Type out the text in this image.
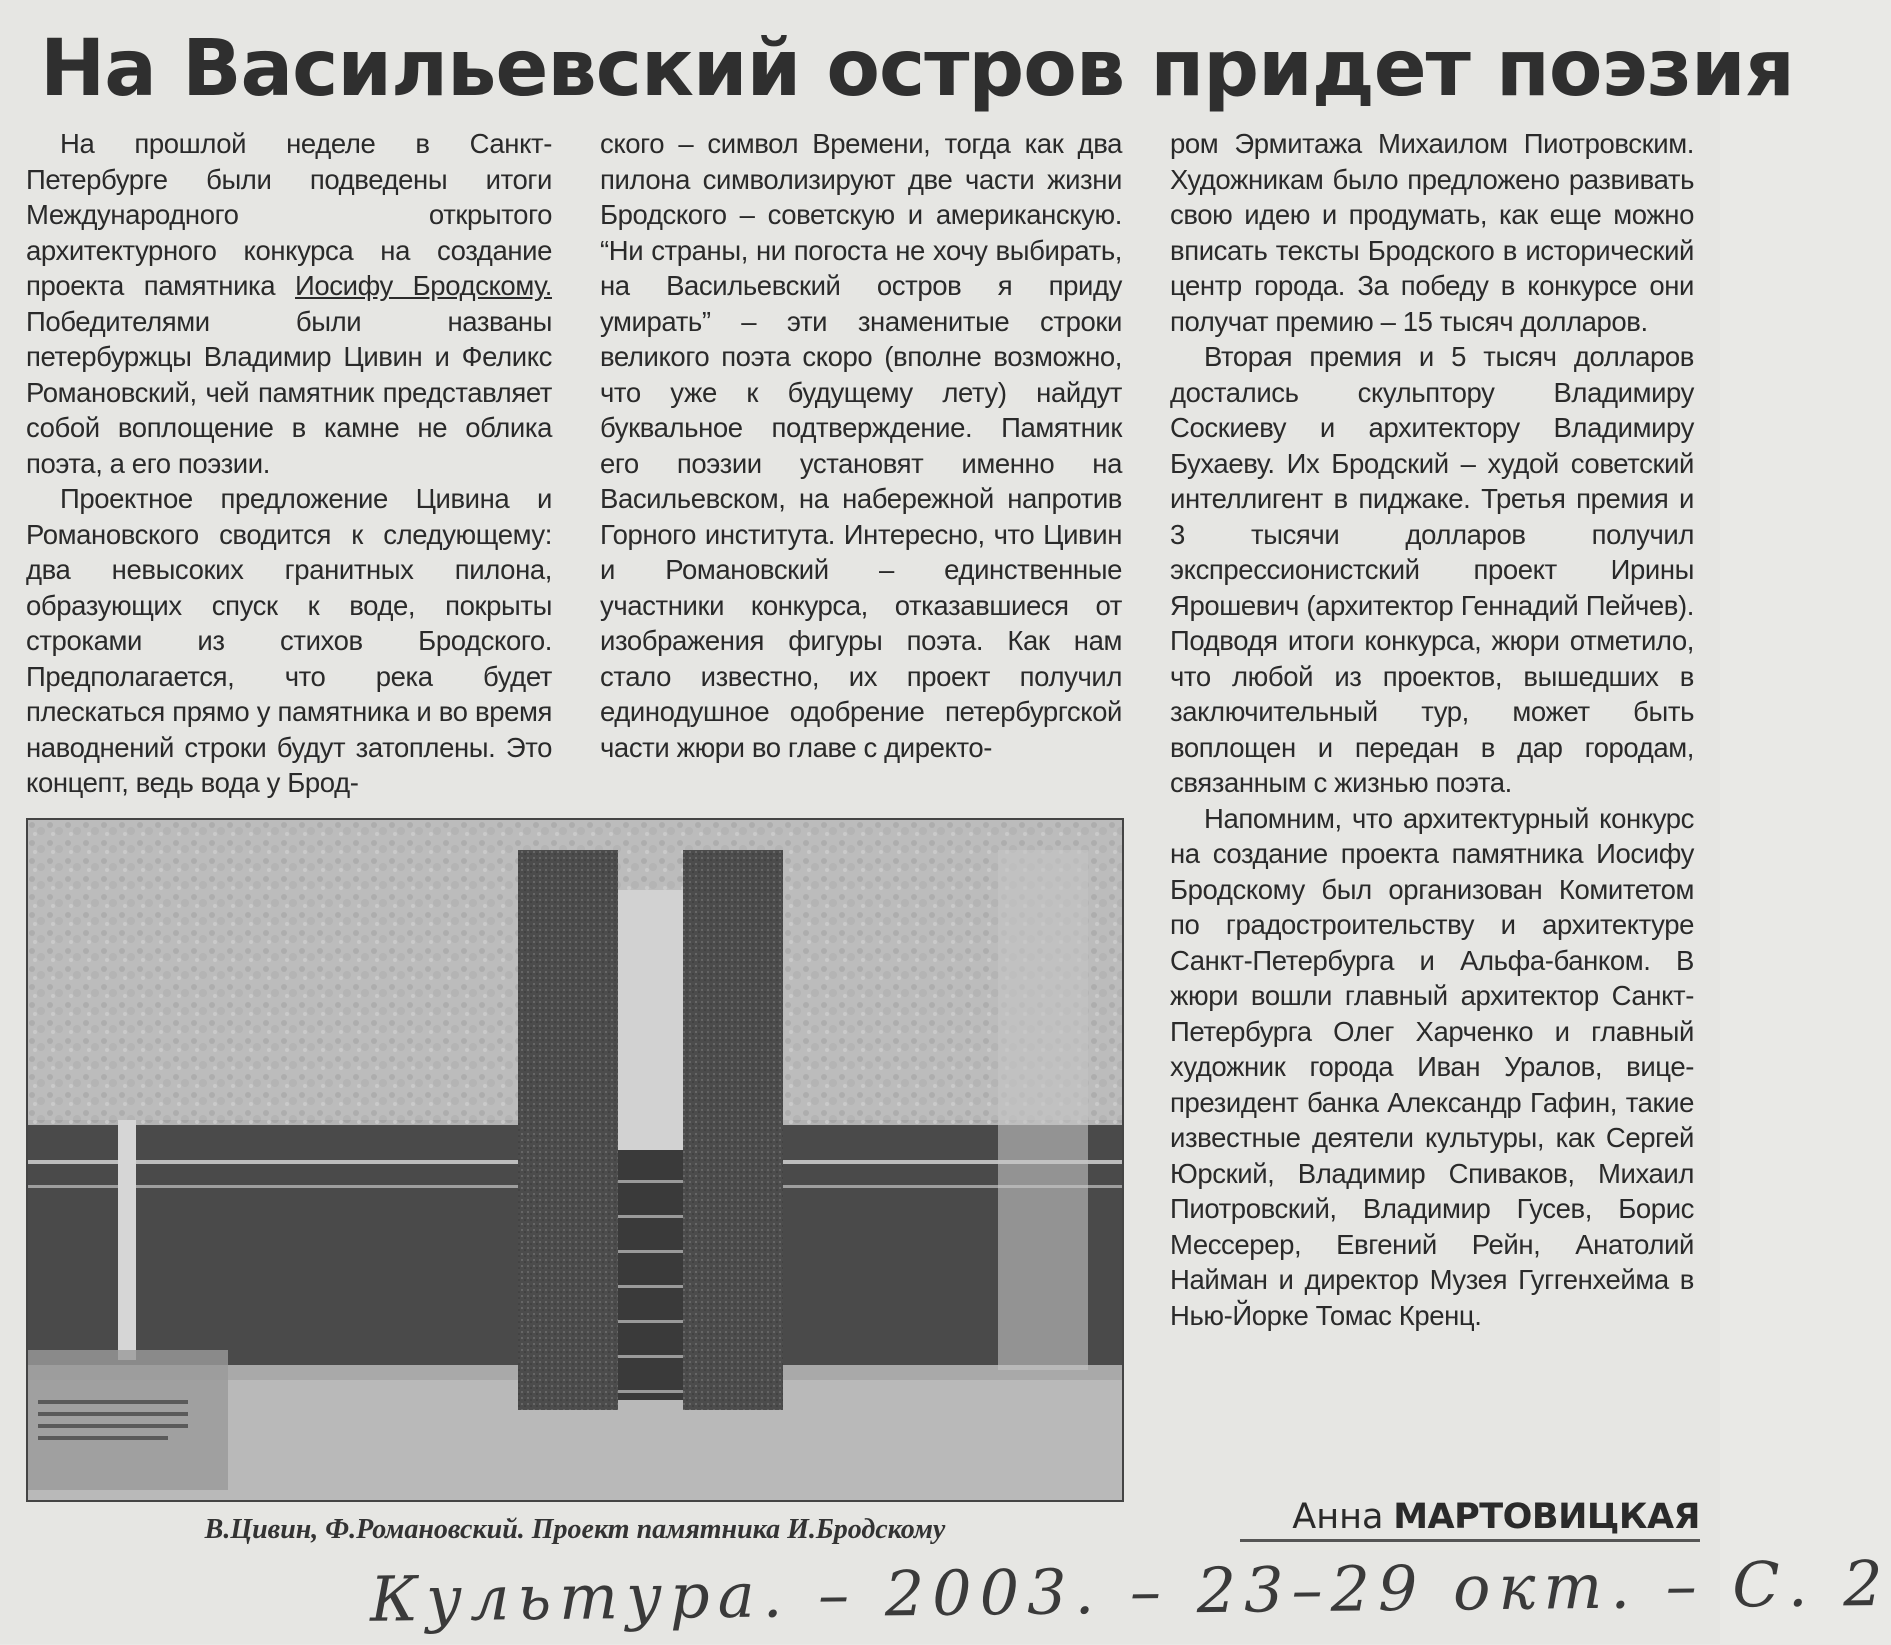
На Васильевский остров придет поэзия

На прошлой неделе в Санкт-Петербурге были подведены итоги Международного открытого архитектурного конкурса на создание проекта памятника Иосифу Бродскому. Победителями были названы петербуржцы Владимир Цивин и Феликс Романовский, чей памятник представляет собой воплощение в камне не облика поэта, а его поэзии.

Проектное предложение Цивина и Романовского сводится к следующему: два невысоких гранитных пилона, образующих спуск к воде, покрыты строками из стихов Бродского. Предполагается, что река будет плескаться прямо у памятника и во время наводнений строки будут затоплены. Это концепт, ведь вода у Брод-

ского – символ Времени, тогда как два пилона символизируют две части жизни Бродского – советскую и американскую. “Ни страны, ни погоста не хочу выбирать, на Васильевский остров я приду умирать” – эти знаменитые строки великого поэта скоро (вполне возможно, что уже к будущему лету) найдут буквальное подтверждение. Памятник его поэзии установят именно на Васильевском, на набережной напротив Горного института. Интересно, что Цивин и Романовский – единственные участники конкурса, отказавшиеся от изображения фигуры поэта. Как нам стало известно, их проект получил единодушное одобрение петербургской части жюри во главе с директо-

ром Эрмитажа Михаилом Пиотровским. Художникам было предложено развивать свою идею и продумать, как еще можно вписать тексты Бродского в исторический центр города. За победу в конкурсе они получат премию – 15 тысяч долларов.

Вторая премия и 5 тысяч долларов достались скульптору Владимиру Соскиеву и архитектору Владимиру Бухаеву. Их Бродский – худой советский интеллигент в пиджаке. Третья премия и 3 тысячи долларов получил экспрессионистский проект Ирины Ярошевич (архитектор Геннадий Пейчев). Подводя итоги конкурса, жюри отметило, что любой из проектов, вышедших в заключительный тур, может быть воплощен и передан в дар городам, связанным с жизнью поэта.

Напомним, что архитектурный конкурс на создание проекта памятника Иосифу Бродскому был организован Комитетом по градостроительству и архитектуре Санкт-Петербурга и Альфа-банком. В жюри вошли главный архитектор Санкт-Петербурга Олег Харченко и главный художник города Иван Уралов, вице-президент банка Александр Гафин, такие известные деятели культуры, как Сергей Юрский, Владимир Спиваков, Михаил Пиотровский, Владимир Гусев, Борис Мессерер, Евгений Рейн, Анатолий Найман и директор Музея Гуггенхейма в Нью-Йорке Томас Кренц.

В.Цивин, Ф.Романовский. Проект памятника И.Бродскому	Анна МАРТОВИЦКАЯ
Культура. – 2003. – 23–29 окт. – С. 2
